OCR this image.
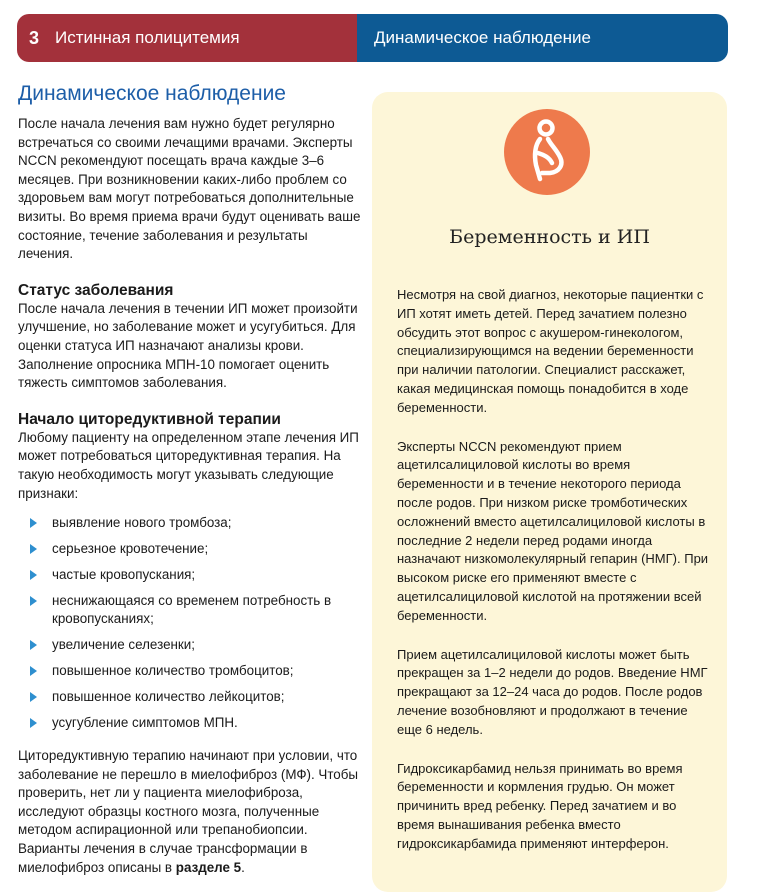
3 Истинная полицитемия	Динамическое наблюдение
Динамическое наблюдение

После начала лечения вам нужно будет регулярно встречаться со своими лечащими врачами. Эксперты NCCN рекомендуют посещать врача каждые 3–6 месяцев. При возникновении каких-либо проблем со здоровьем вам могут потребоваться дополнительные визиты. Во время приема врачи будут оценивать ваше состояние, течение заболевания и результаты лечения.

Статус заболевания

После начала лечения в течении ИП может произойти улучшение, но заболевание может и усугубиться. Для оценки статуса ИП назначают анализы крови. Заполнение опросника МПН-10 помогает оценить тяжесть симптомов заболевания.

Начало циторедуктивной терапии

Любому пациенту на определенном этапе лечения ИП может потребоваться циторедуктивная терапия. На такую необходимость могут указывать следующие признаки:

выявление нового тромбоза;
серьезное кровотечение;
частые кровопускания;
неснижающаяся со временем потребность в кровопусканиях;
увеличение селезенки;
повышенное количество тромбоцитов;
повышенное количество лейкоцитов;
усугубление симптомов МПН.

Циторедуктивную терапию начинают при условии, что заболевание не перешло в миелофиброз (МФ). Чтобы проверить, нет ли у пациента миелофиброза, исследуют образцы костного мозга, полученные методом аспирационной или трепанобиопсии. Варианты лечения в случае трансформации в миелофиброз описаны в разделе 5.

Беременность и ИП

Несмотря на свой диагноз, некоторые пациентки с ИП хотят иметь детей. Перед зачатием полезно обсудить этот вопрос с акушером-гинекологом, специализирующимся на ведении беременности при наличии патологии. Специалист расскажет, какая медицинская помощь понадобится в ходе беременности.

Эксперты NCCN рекомендуют прием ацетилсалициловой кислоты во время беременности и в течение некоторого периода после родов. При низком риске тромботических осложнений вместо ацетилсалициловой кислоты в последние 2 недели перед родами иногда назначают низкомолекулярный гепарин (НМГ). При высоком риске его применяют вместе с ацетилсалициловой кислотой на протяжении всей беременности.

Прием ацетилсалициловой кислоты может быть прекращен за 1–2 недели до родов. Введение НМГ прекращают за 12–24 часа до родов. После родов лечение возобновляют и продолжают в течение еще 6 недель.

Гидроксикарбамид нельзя принимать во время беременности и кормления грудью. Он может причинить вред ребенку. Перед зачатием и во время вынашивания ребенка вместо гидроксикарбамида применяют интерферон.
